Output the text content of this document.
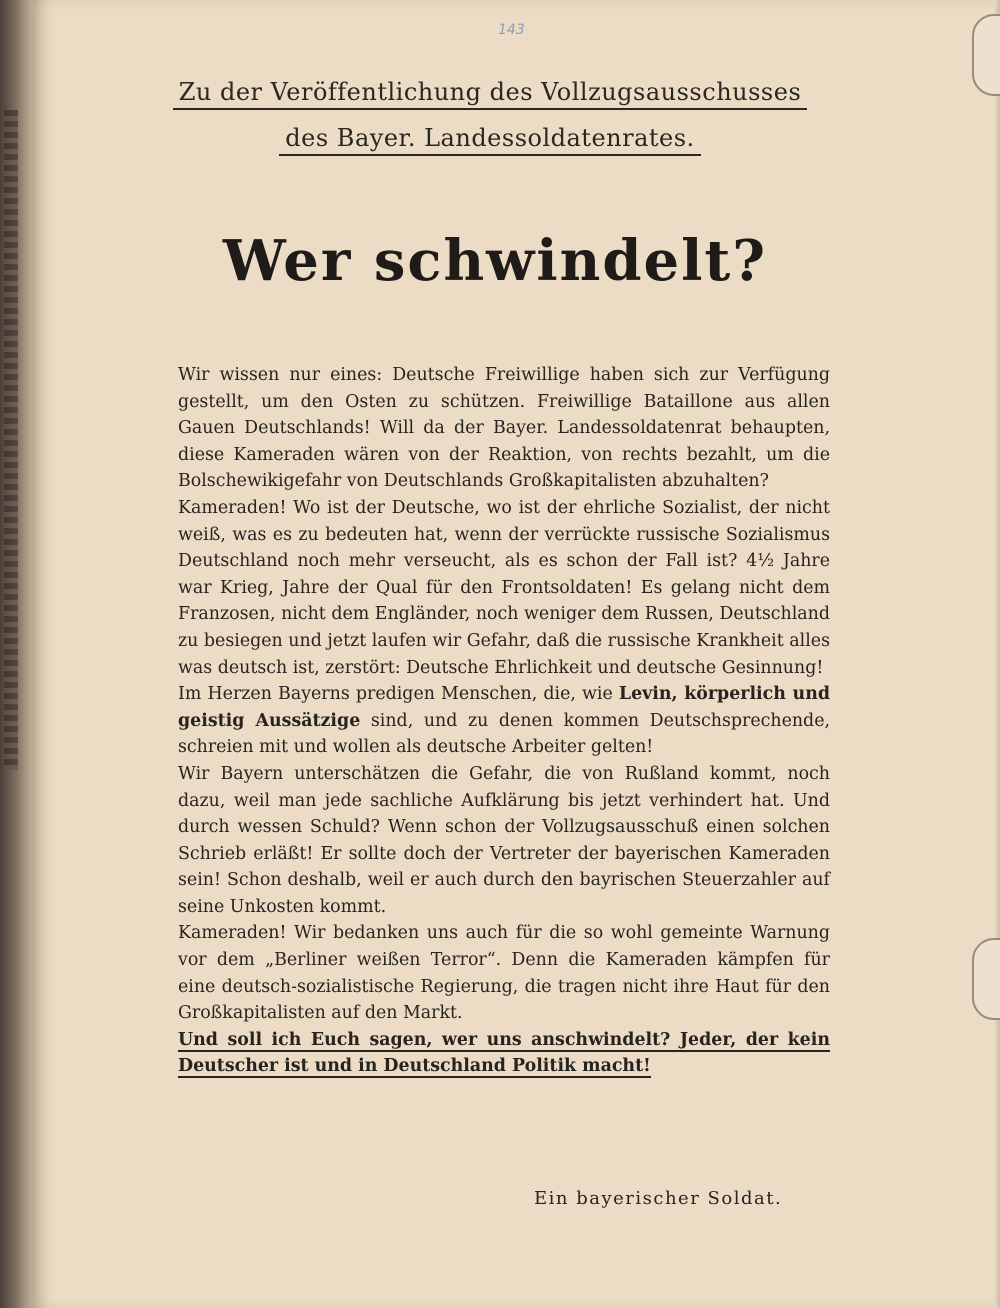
143
Zu der Veröffentlichung des Vollzugsausschusses
des Bayer. Landessoldatenrates.
Wer schwindelt?

Wir wissen nur eines: Deutsche Freiwillige haben sich zur Verfügung gestellt, um den Osten zu schützen. Freiwillige Bataillone aus allen Gauen Deutschlands! Will da der Bayer. Landessoldatenrat behaupten, diese Kameraden wären von der Reaktion, von rechts bezahlt, um die Bolschewikigefahr von Deutschlands Großkapitalisten abzuhalten?

Kameraden! Wo ist der Deutsche, wo ist der ehrliche Sozialist, der nicht weiß, was es zu bedeuten hat, wenn der verrückte russische Sozialismus Deutschland noch mehr verseucht, als es schon der Fall ist? 4½ Jahre war Krieg, Jahre der Qual für den Frontsoldaten! Es gelang nicht dem Franzosen, nicht dem Engländer, noch weniger dem Russen, Deutschland zu besiegen und jetzt laufen wir Gefahr, daß die russische Krankheit alles was deutsch ist, zerstört: Deutsche Ehrlichkeit und deutsche Gesinnung!

Im Herzen Bayerns predigen Menschen, die, wie Levin, körperlich und geistig Aussätzige sind, und zu denen kommen Deutschsprechende, schreien mit und wollen als deutsche Arbeiter gelten!

Wir Bayern unterschätzen die Gefahr, die von Rußland kommt, noch dazu, weil man jede sachliche Aufklärung bis jetzt verhindert hat. Und durch wessen Schuld? Wenn schon der Vollzugsausschuß einen solchen Schrieb erläßt! Er sollte doch der Vertreter der bayerischen Kameraden sein! Schon deshalb, weil er auch durch den bayrischen Steuerzahler auf seine Unkosten kommt.

Kameraden! Wir bedanken uns auch für die so wohl gemeinte Warnung vor dem „Berliner weißen Terror“. Denn die Kameraden kämpfen für eine deutsch-sozialistische Regierung, die tragen nicht ihre Haut für den Großkapitalisten auf den Markt.

Und soll ich Euch sagen, wer uns anschwindelt? Jeder, der kein Deutscher ist und in Deutschland Politik macht!

Ein bayerischer Soldat.
